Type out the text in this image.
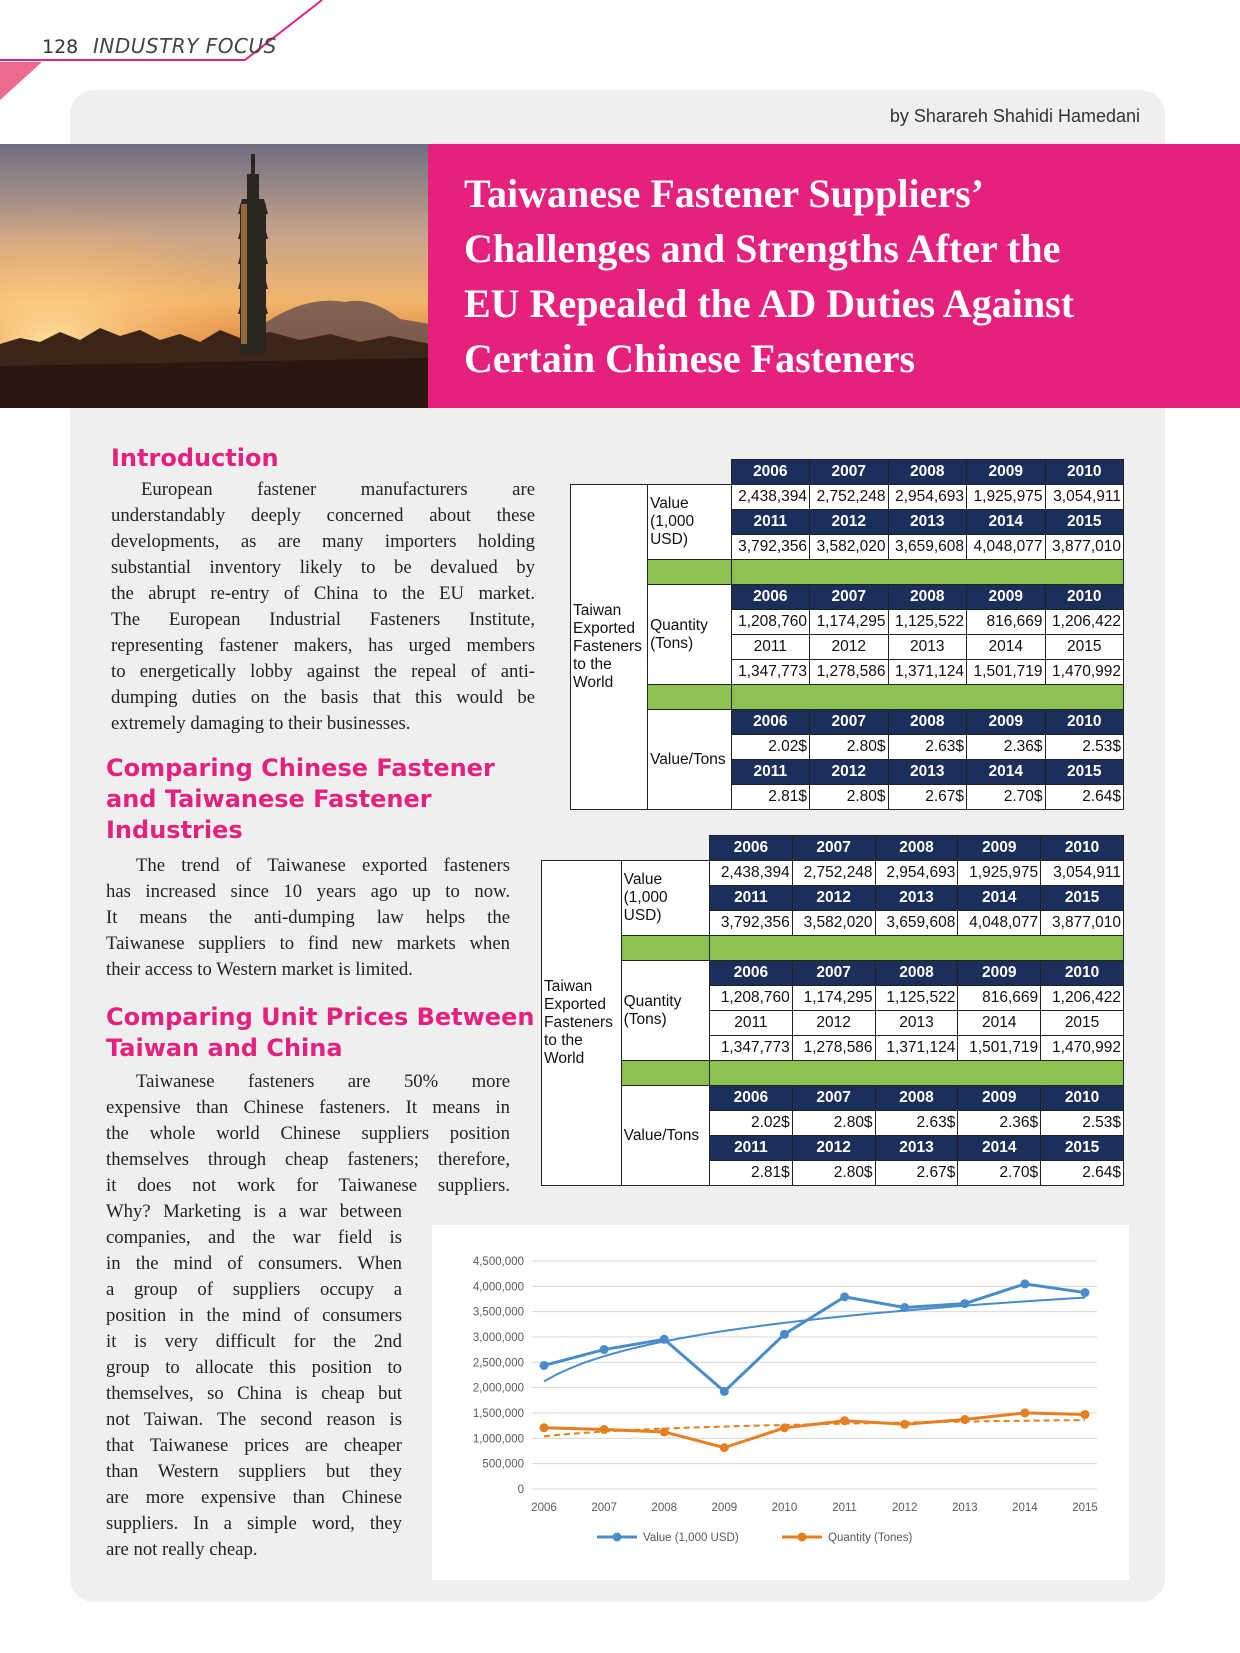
128 INDUSTRY FOCUS
by Sharareh Shahidi Hamedani
Taiwanese Fastener Suppliers’
Challenges and Strengths After the
EU Repealed the AD Duties Against
Certain Chinese Fasteners
Introduction

European fastener manufacturers are
understandably deeply concerned about these
developments, as are many importers holding
substantial inventory likely to be devalued by
the abrupt re-entry of China to the EU market.
The European Industrial Fasteners Institute,
representing fastener makers, has urged members
to energetically lobby against the repeal of anti-
dumping duties on the basis that this would be
extremely damaging to their businesses.

Comparing Chinese Fastener
and Taiwanese Fastener
Industries

The trend of Taiwanese exported fasteners
has increased since 10 years ago up to now.
It means the anti-dumping law helps the
Taiwanese suppliers to find new markets when
their access to Western market is limited.

Comparing Unit Prices Between
Taiwan and China

Taiwanese fasteners are 50% more
expensive than Chinese fasteners. It means in
the whole world Chinese suppliers position
themselves through cheap fasteners; therefore,
it does not work for Taiwanese suppliers.

Why? Marketing is a war between
companies, and the war field is
in the mind of consumers. When
a group of suppliers occupy a
position in the mind of consumers
it is very difficult for the 2nd
group to allocate this position to
themselves, so China is cheap but
not Taiwan. The second reason is
that Taiwanese prices are cheaper
than Western suppliers but they
are more expensive than Chinese
suppliers. In a simple word, they
are not really cheap.

		2006	2007	2008	2009	2010
Taiwan Exported Fasteners to the World	Value (1,000 USD)	2,438,394	2,752,248	2,954,693	1,925,975	3,054,911
		2011	2012	2013	2014	2015
		3,792,356	3,582,020	3,659,608	4,048,077	3,877,010

	Quantity (Tons)	2006	2007	2008	2009	2010
		1,208,760	1,174,295	1,125,522	816,669	1,206,422
		2011	2012	2013	2014	2015
		1,347,773	1,278,586	1,371,124	1,501,719	1,470,992

	Value/Tons	2006	2007	2008	2009	2010
		2.02$	2.80$	2.63$	2.36$	2.53$
		2011	2012	2013	2014	2015
		2.81$	2.80$	2.67$	2.70$	2.64$
		2006	2007	2008	2009	2010
Taiwan Exported Fasteners to the World	Value (1,000 USD)	2,438,394	2,752,248	2,954,693	1,925,975	3,054,911
		2011	2012	2013	2014	2015
		3,792,356	3,582,020	3,659,608	4,048,077	3,877,010

	Quantity (Tons)	2006	2007	2008	2009	2010
		1,208,760	1,174,295	1,125,522	816,669	1,206,422
		2011	2012	2013	2014	2015
		1,347,773	1,278,586	1,371,124	1,501,719	1,470,992

	Value/Tons	2006	2007	2008	2009	2010
		2.02$	2.80$	2.63$	2.36$	2.53$
		2011	2012	2013	2014	2015
		2.81$	2.80$	2.67$	2.70$	2.64$
0
500,000
1,000,000
1,500,000
2,000,000
2,500,000
3,000,000
3,500,000
4,000,000
4,500,000
2006	2007	2008	2009	2010	2011	2012	2013	2014	2015
Value (1,000 USD)	Quantity (Tones)
